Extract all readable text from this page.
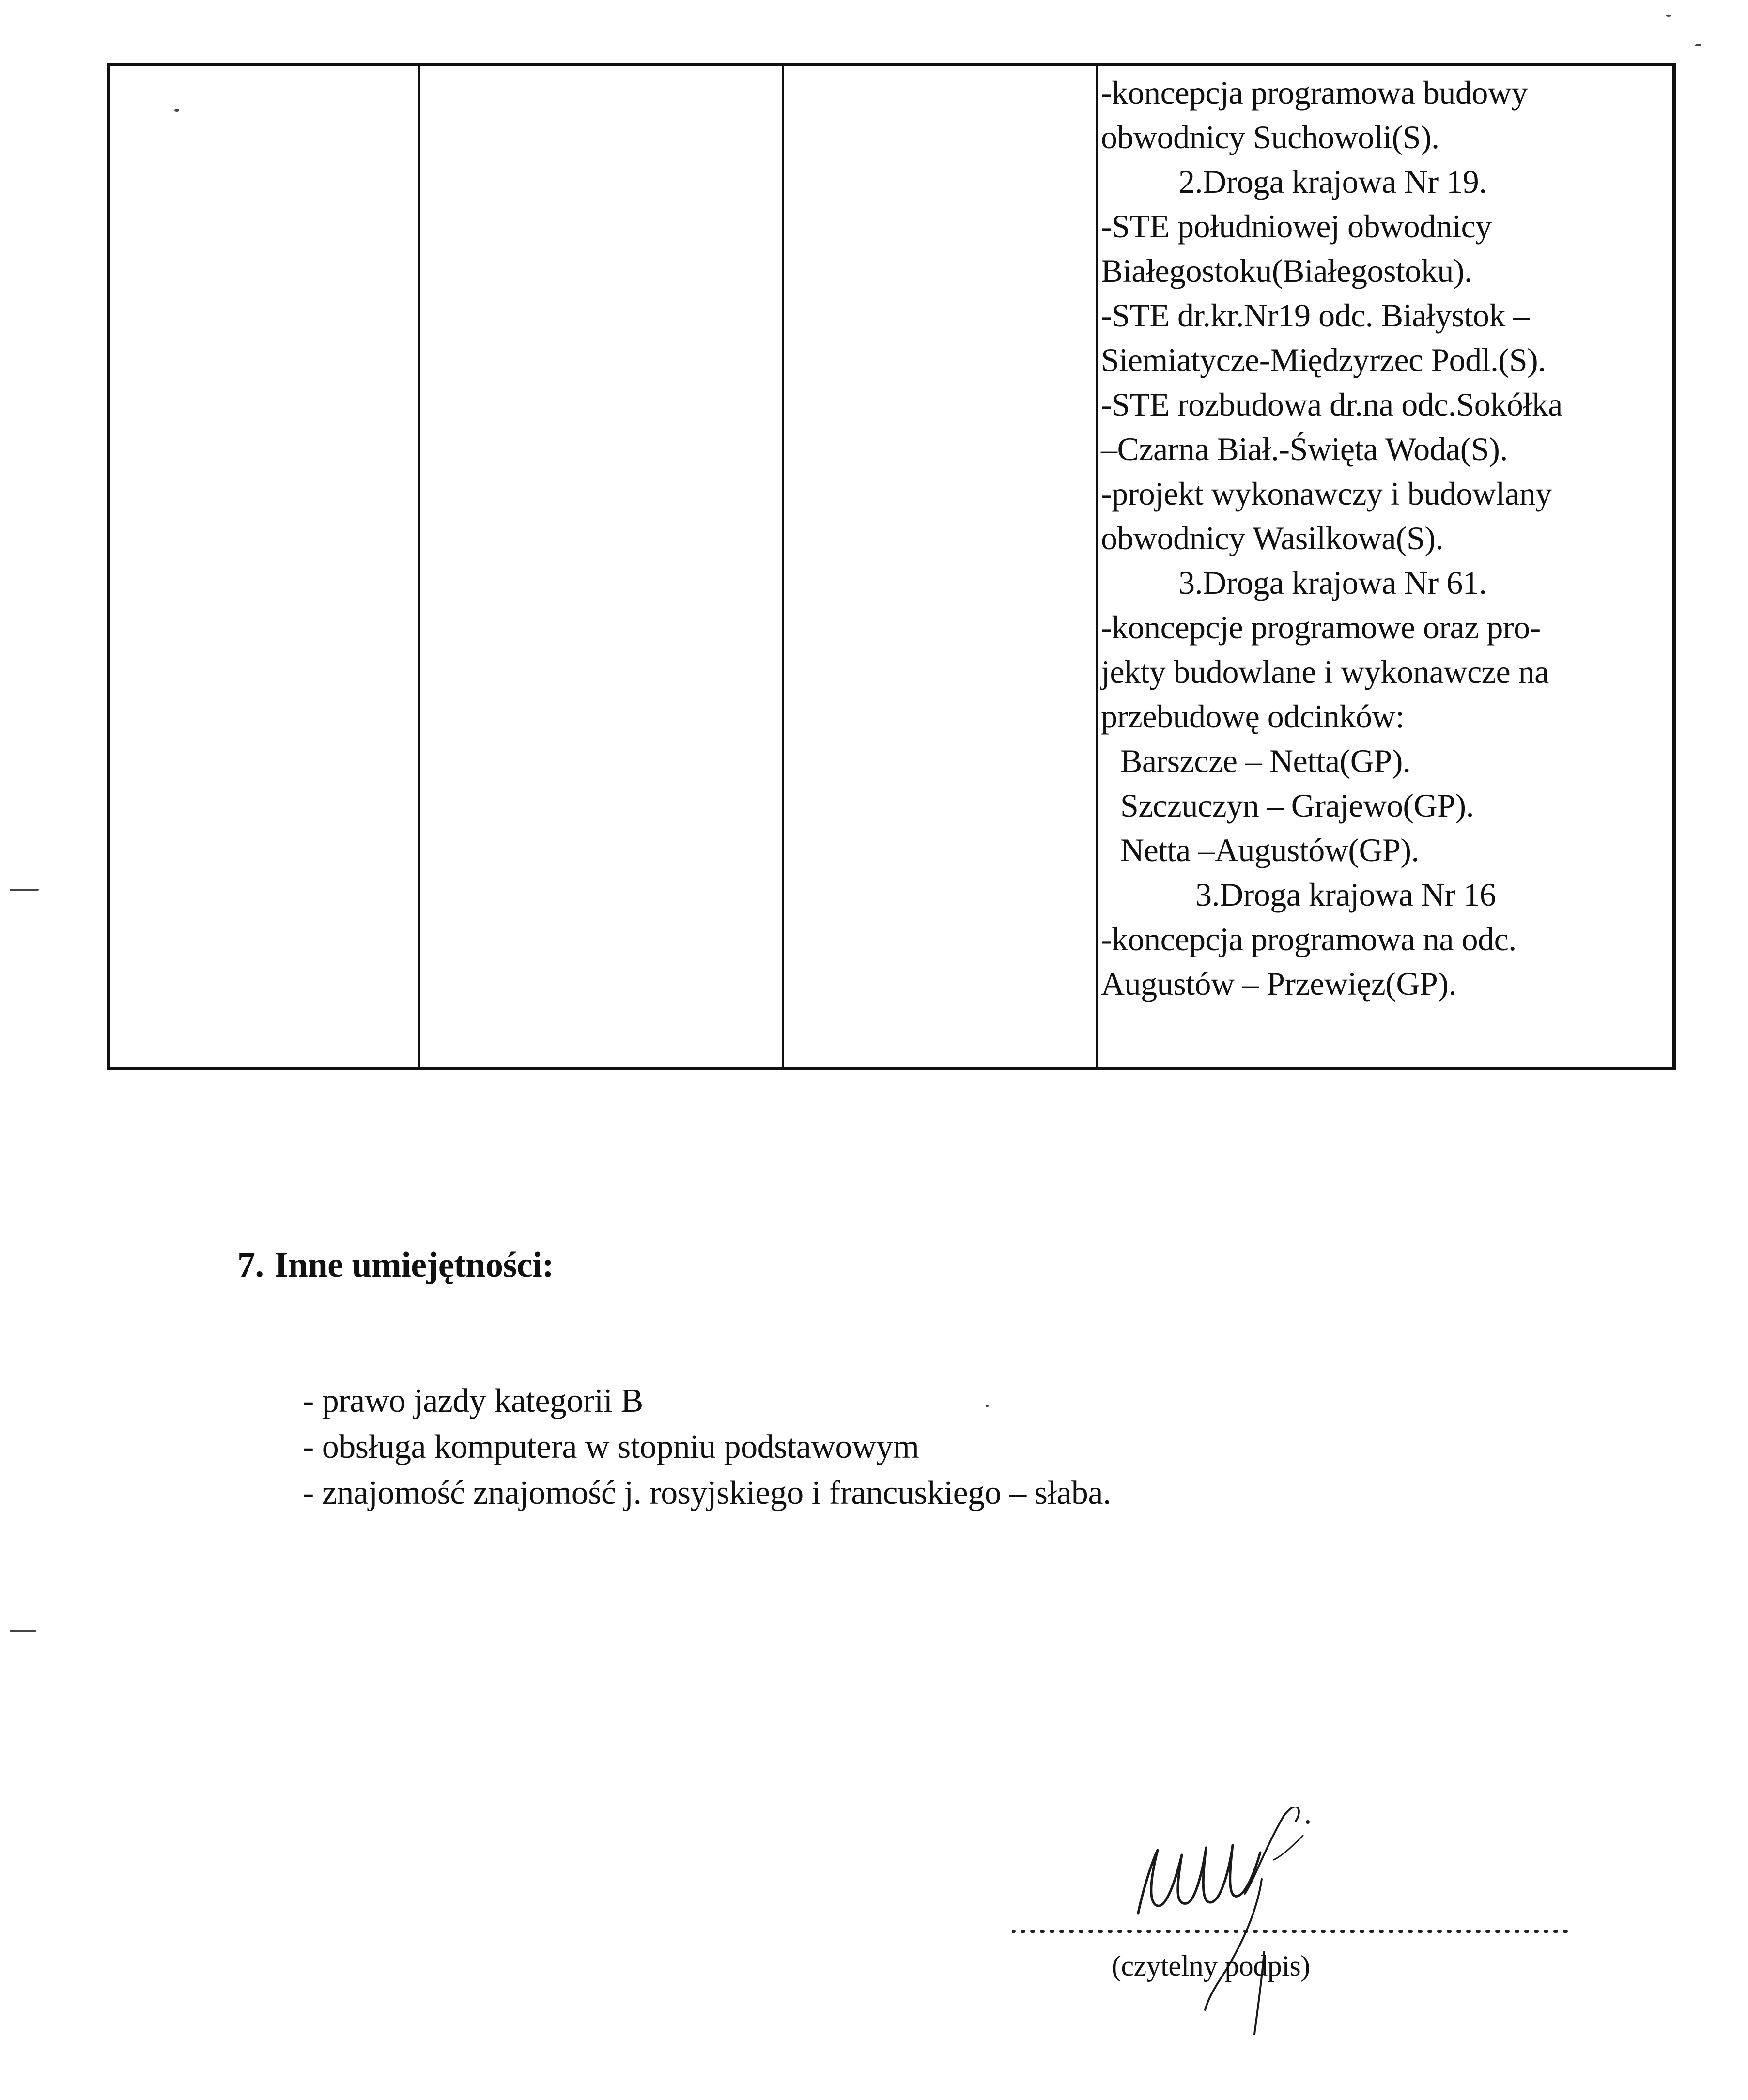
-koncepcja programowa budowy
obwodnicy Suchowoli(S).
2.Droga krajowa Nr 19.
-STE południowej obwodnicy
Białegostoku(Białegostoku).
-STE dr.kr.Nr19 odc. Białystok –
Siemiatycze-Międzyrzec Podl.(S).
-STE rozbudowa dr.na odc.Sokółka
–Czarna Biał.-Święta Woda(S).
-projekt wykonawczy i budowlany
obwodnicy Wasilkowa(S).
3.Droga krajowa Nr 61.
-koncepcje programowe oraz pro-
jekty budowlane i wykonawcze na
przebudowę odcinków:
Barszcze – Netta(GP).
Szczuczyn – Grajewo(GP).
Netta –Augustów(GP).
3.Droga krajowa Nr 16
-koncepcja programowa na odc.
Augustów – Przewięz(GP).
7. Inne umiejętności:
- prawo jazdy kategorii B
- obsługa komputera w stopniu podstawowym
- znajomość znajomość j. rosyjskiego i francuskiego – słaba.
(czytelny podpis)
